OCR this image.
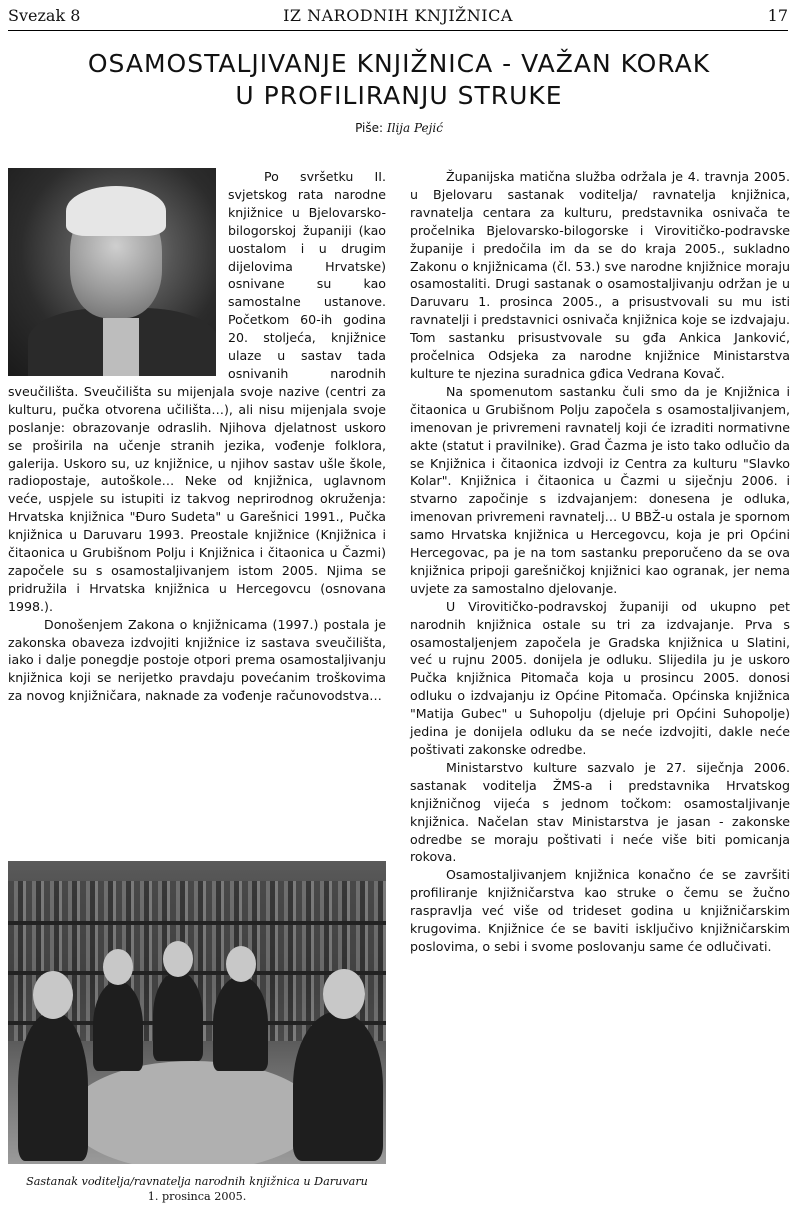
Svezak 8	IZ NARODNIH KNJIŽNICA	17
OSAMOSTALJIVANJE KNJIŽNICA - VAŽAN KORAK
U PROFILIRANJU STRUKE
Piše: Ilija Pejić

Po svršetku II. svjetskog rata narodne knjižnice u Bjelovarsko-bilogorskoj županiji (kao uostalom i u drugim dijelovima Hrvatske) osnivane su kao samostalne ustanove. Početkom 60-ih godina 20. stoljeća, knjižnice ulaze u sastav tada osnivanih narodnih sveučilišta. Sveučilišta su mijenjala svoje nazive (centri za kulturu, pučka otvorena učilišta…), ali nisu mijenjala svoje poslanje: obrazovanje odraslih. Njihova djelatnost uskoro se proširila na učenje stranih jezika, vođenje folklora, galerija. Uskoro su, uz knjižnice, u njihov sastav ušle škole, radiopostaje, autoškole… Neke od knjižnica, uglavnom veće, uspjele su istupiti iz takvog neprirodnog okruženja: Hrvatska knjižnica "Đuro Sudeta" u Garešnici 1991., Pučka knjižnica u Daruvaru 1993. Preostale knjižnice (Knjižnica i čitaonica u Grubišnom Polju i Knjižnica i čitaonica u Čazmi) započele su s osamostaljivanjem istom 2005. Njima se pridružila i Hrvatska knjižnica u Hercegovcu (osnovana 1998.).

Donošenjem Zakona o knjižnicama (1997.) postala je zakonska obaveza izdvojiti knjižnice iz sastava sveučilišta, iako i dalje ponegdje postoje otpori prema osamostaljivanju knjižnica koji se nerijetko pravdaju povećanim troškovima za novog knjižničara, naknade za vođenje računovodstva…

Sastanak voditelja/ravnatelja narodnih knjižnica u Daruvaru
1. prosinca 2005.

Županijska matična služba održala je 4. travnja 2005. u Bjelovaru sastanak voditelja/ ravnatelja knjižnica, ravnatelja centara za kulturu, predstavnika osnivača te pročelnika Bjelovarsko-bilogorske i Virovitičko-podravske županije i predočila im da se do kraja 2005., sukladno Zakonu o knjižnicama (čl. 53.) sve narodne knjižnice moraju osamostaliti. Drugi sastanak o osamostaljivanju održan je u Daruvaru 1. prosinca 2005., a prisustvovali su mu isti ravnatelji i predstavnici osnivača knjižnica koje se izdvajaju. Tom sastanku prisustvovale su gđa Ankica Janković, pročelnica Odsjeka za narodne knjižnice Ministarstva kulture te njezina suradnica gđica Vedrana Kovač.

Na spomenutom sastanku čuli smo da je Knjižnica i čitaonica u Grubišnom Polju započela s osamostaljivanjem, imenovan je privremeni ravnatelj koji će izraditi normativne akte (statut i pravilnike). Grad Čazma je isto tako odlučio da se Knjižnica i čitaonica izdvoji iz Centra za kulturu "Slavko Kolar". Knjižnica i čitaonica u Čazmi u siječnju 2006. i stvarno započinje s izdvajanjem: donesena je odluka, imenovan privremeni ravnatelj… U BBŽ-u ostala je spornom samo Hrvatska knjižnica u Hercegovcu, koja je pri Općini Hercegovac, pa je na tom sastanku preporučeno da se ova knjižnica pripoji garešničkoj knjižnici kao ogranak, jer nema uvjete za samostalno djelovanje.

U Virovitičko-podravskoj županiji od ukupno pet narodnih knjižnica ostale su tri za izdvajanje. Prva s osamostaljenjem započela je Gradska knjižnica u Slatini, već u rujnu 2005. donijela je odluku. Slijedila ju je uskoro Pučka knjižnica Pitomača koja u prosincu 2005. donosi odluku o izdvajanju iz Općine Pitomača. Općinska knjižnica "Matija Gubec" u Suhopolju (djeluje pri Općini Suhopolje) jedina je donijela odluku da se neće izdvojiti, dakle neće poštivati zakonske odredbe.

Ministarstvo kulture sazvalo je 27. siječnja 2006. sastanak voditelja ŽMS-a i predstavnika Hrvatskog knjižničnog vijeća s jednom točkom: osamostaljivanje knjižnica. Načelan stav Ministarstva je jasan - zakonske odredbe se moraju poštivati i neće više biti pomicanja rokova.

Osamostaljivanjem knjižnica konačno će se završiti profiliranje knjižničarstva kao struke o čemu se žučno raspravlja već više od trideset godina u knjižničarskim krugovima. Knjižnice će se baviti isključivo knjižničarskim poslovima, o sebi i svome poslovanju same će odlučivati.
